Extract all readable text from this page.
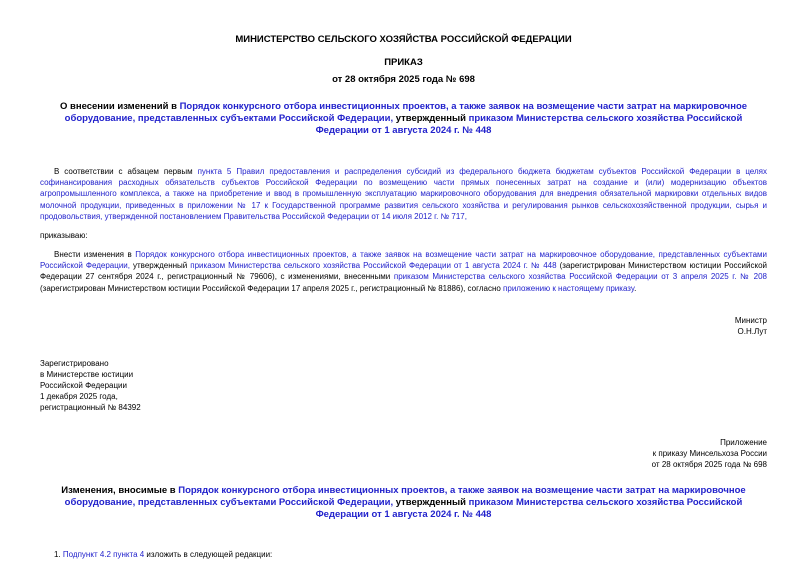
МИНИСТЕРСТВО СЕЛЬСКОГО ХОЗЯЙСТВА РОССИЙСКОЙ ФЕДЕРАЦИИ
ПРИКАЗ
от 28 октября 2025 года № 698
О внесении изменений в Порядок конкурсного отбора инвестиционных проектов, а также заявок на возмещение части затрат на маркировочное оборудование, представленных субъектами Российской Федерации, утвержденный приказом Министерства сельского хозяйства Российской Федерации от 1 августа 2024 г. № 448
В соответствии с абзацем первым пункта 5 Правил предоставления и распределения субсидий из федерального бюджета бюджетам субъектов Российской Федерации в целях софинансирования расходных обязательств субъектов Российской Федерации по возмещению части прямых понесенных затрат на создание и (или) модернизацию объектов агропромышленного комплекса, а также на приобретение и ввод в промышленную эксплуатацию маркировочного оборудования для внедрения обязательной маркировки отдельных видов молочной продукции, приведенных в приложении № 17 к Государственной программе развития сельского хозяйства и регулирования рынков сельскохозяйственной продукции, сырья и продовольствия, утвержденной постановлением Правительства Российской Федерации от 14 июля 2012 г. № 717,
приказываю:
Внести изменения в Порядок конкурсного отбора инвестиционных проектов, а также заявок на возмещение части затрат на маркировочное оборудование, представленных субъектами Российской Федерации, утвержденный приказом Министерства сельского хозяйства Российской Федерации от 1 августа 2024 г. № 448 (зарегистрирован Министерством юстиции Российской Федерации 27 сентября 2024 г., регистрационный № 79606), с изменениями, внесенными приказом Министерства сельского хозяйства Российской Федерации от 3 апреля 2025 г. № 208 (зарегистрирован Министерством юстиции Российской Федерации 17 апреля 2025 г., регистрационный № 81886), согласно приложению к настоящему приказу.
Министр
О.Н.Лут
Зарегистрировано
в Министерстве юстиции
Российской Федерации
1 декабря 2025 года,
регистрационный № 84392
Приложение
к приказу Минсельхоза России
от 28 октября 2025 года № 698
Изменения, вносимые в Порядок конкурсного отбора инвестиционных проектов, а также заявок на возмещение части затрат на маркировочное оборудование, представленных субъектами Российской Федерации, утвержденный приказом Министерства сельского хозяйства Российской Федерации от 1 августа 2024 г. № 448
1. Подпункт 4.2 пункта 4 изложить в следующей редакции:
